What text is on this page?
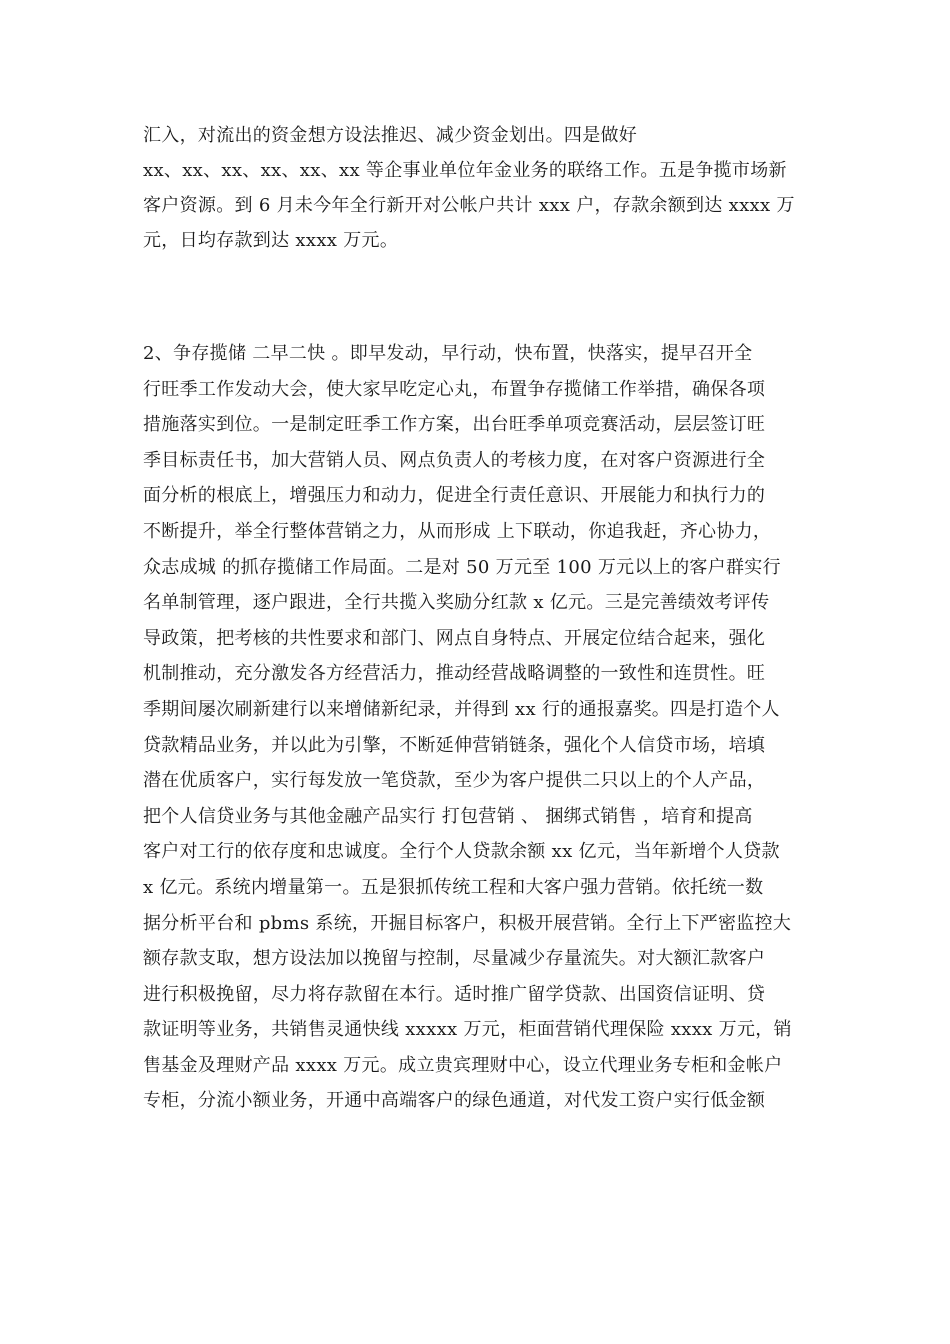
汇入，对流出的资金想方设法推迟、减少资金划出。四是做好
xx、xx、xx、xx、xx、xx 等企事业单位年金业务的联络工作。五是争揽市场新
客户资源。到 6 月未今年全行新开对公帐户共计 xxx 户，存款余额到达 xxxx 万
元，日均存款到达 xxxx 万元。
2、争存揽储 二早二快 。即早发动，早行动，快布置，快落实，提早召开全
行旺季工作发动大会，使大家早吃定心丸，布置争存揽储工作举措，确保各项
措施落实到位。一是制定旺季工作方案，出台旺季单项竞赛活动，层层签订旺
季目标责任书，加大营销人员、网点负责人的考核力度，在对客户资源进行全
面分析的根底上，增强压力和动力，促进全行责任意识、开展能力和执行力的
不断提升，举全行整体营销之力，从而形成 上下联动，你追我赶，齐心协力，
众志成城 的抓存揽储工作局面。二是对 50 万元至 100 万元以上的客户群实行
名单制管理，逐户跟进，全行共揽入奖励分红款 x 亿元。三是完善绩效考评传
导政策，把考核的共性要求和部门、网点自身特点、开展定位结合起来，强化
机制推动，充分激发各方经营活力，推动经营战略调整的一致性和连贯性。旺
季期间屡次刷新建行以来增储新纪录，并得到 xx 行的通报嘉奖。四是打造个人
贷款精品业务，并以此为引擎，不断延伸营销链条，强化个人信贷市场，培填
潜在优质客户，实行每发放一笔贷款，至少为客户提供二只以上的个人产品，
把个人信贷业务与其他金融产品实行 打包营销 、 捆绑式销售 ，培育和提高
客户对工行的依存度和忠诚度。全行个人贷款余额 xx 亿元，当年新增个人贷款
x 亿元。系统内增量第一。五是狠抓传统工程和大客户强力营销。依托统一数
据分析平台和 pbms 系统，开掘目标客户，积极开展营销。全行上下严密监控大
额存款支取，想方设法加以挽留与控制，尽量减少存量流失。对大额汇款客户
进行积极挽留，尽力将存款留在本行。适时推广留学贷款、出国资信证明、贷
款证明等业务，共销售灵通快线 xxxxx 万元，柜面营销代理保险 xxxx 万元，销
售基金及理财产品 xxxx 万元。成立贵宾理财中心，设立代理业务专柜和金帐户
专柜，分流小额业务，开通中高端客户的绿色通道，对代发工资户实行低金额
